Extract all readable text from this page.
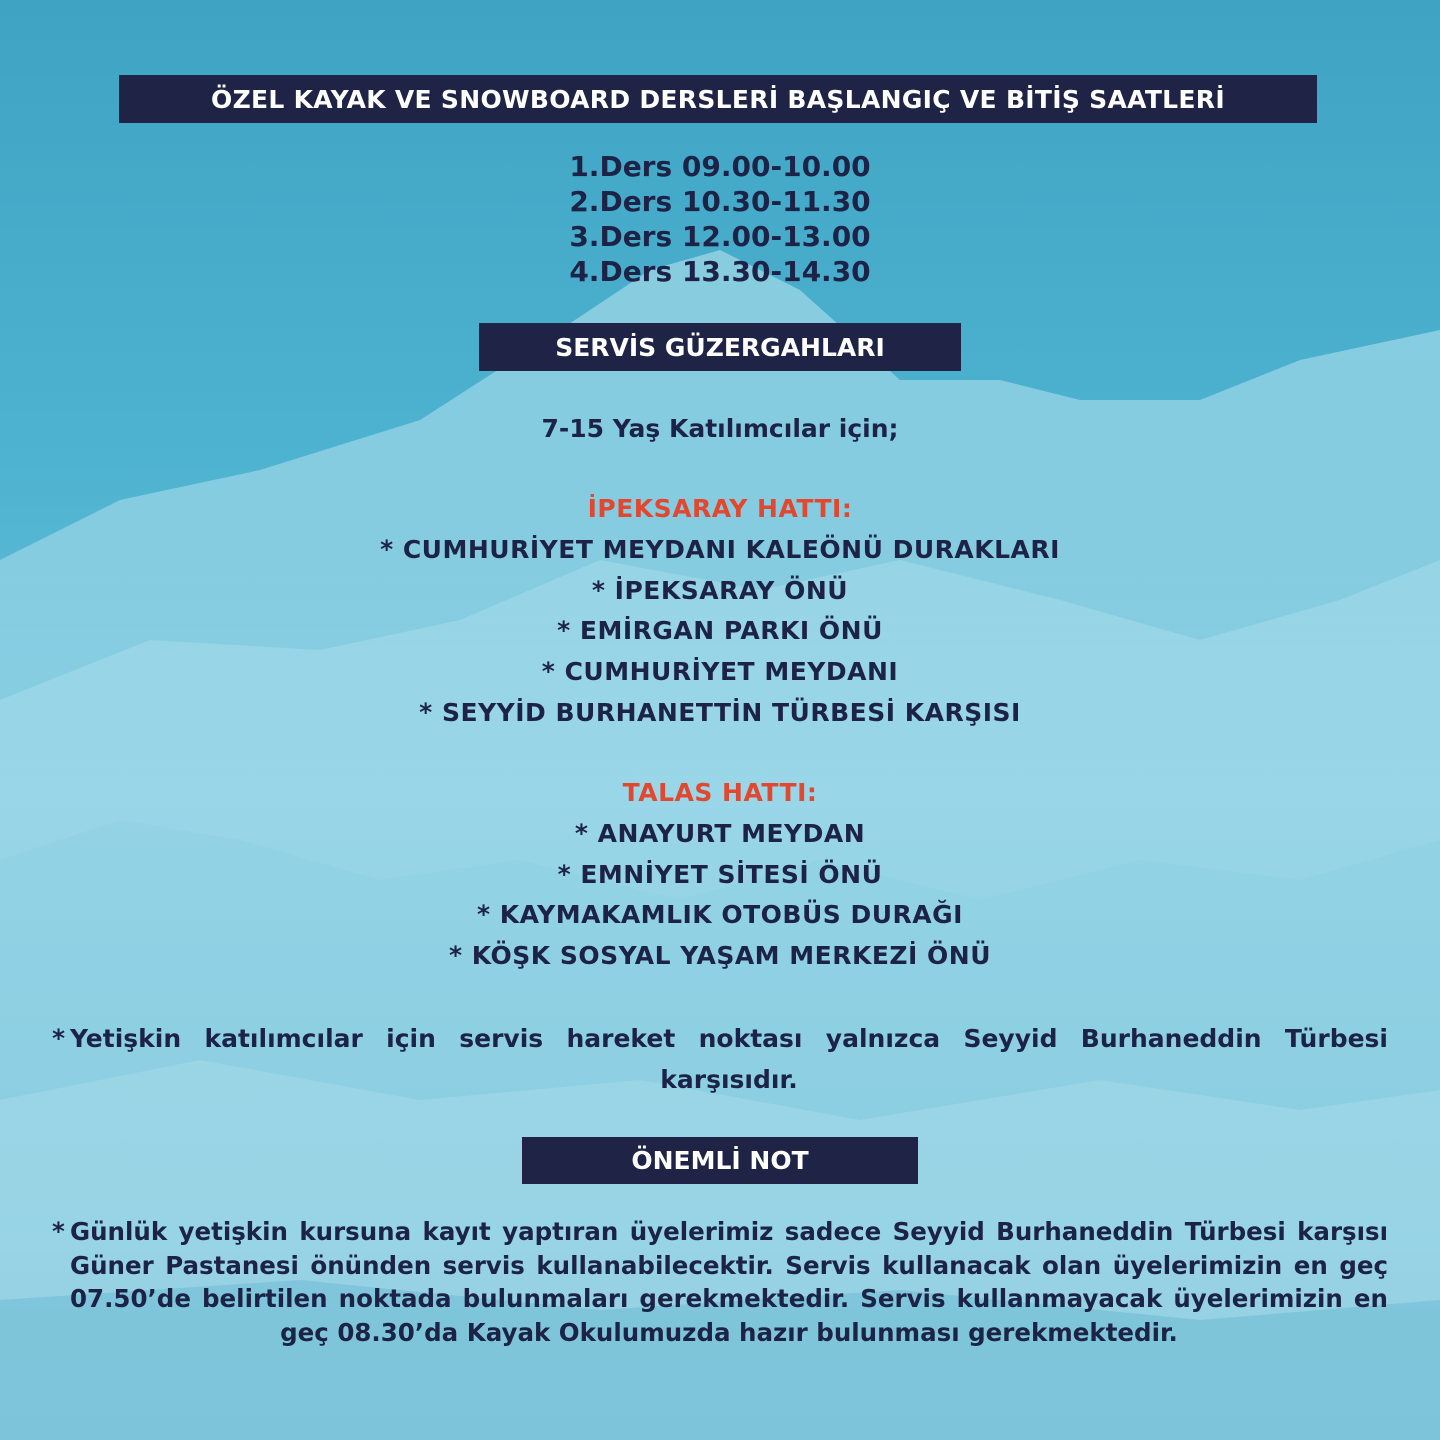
ÖZEL KAYAK VE SNOWBOARD DERSLERİ BAŞLANGIÇ VE BİTİŞ SAATLERİ
1.Ders 09.00-10.00
2.Ders 10.30-11.30
3.Ders 12.00-13.00
4.Ders 13.30-14.30
SERVİS GÜZERGAHLARI
7-15 Yaş Katılımcılar için;
İPEKSARAY HATTI:
* CUMHURİYET MEYDANI KALEÖNÜ DURAKLARI
* İPEKSARAY ÖNÜ
* EMİRGAN PARKI ÖNÜ
* CUMHURİYET MEYDANI
* SEYYİD BURHANETTİN TÜRBESİ KARŞISI
TALAS HATTI:
* ANAYURT MEYDAN
* EMNİYET SİTESİ ÖNÜ
* KAYMAKAMLIK OTOBÜS DURAĞI
* KÖŞK SOSYAL YAŞAM MERKEZİ ÖNÜ
* Yetişkin katılımcılar için servis hareket noktası yalnızca Seyyid Burhaneddin Türbesi karşısıdır.
ÖNEMLİ NOT
* Günlük yetişkin kursuna kayıt yaptıran üyelerimiz sadece Seyyid Burhaneddin Türbesi karşısı Güner Pastanesi önünden servis kullanabilecektir. Servis kullanacak olan üyelerimizin en geç 07.50’de belirtilen noktada bulunmaları gerekmektedir. Servis kullanmayacak üyelerimizin en geç 08.30’da Kayak Okulumuzda hazır bulunması gerekmektedir.
